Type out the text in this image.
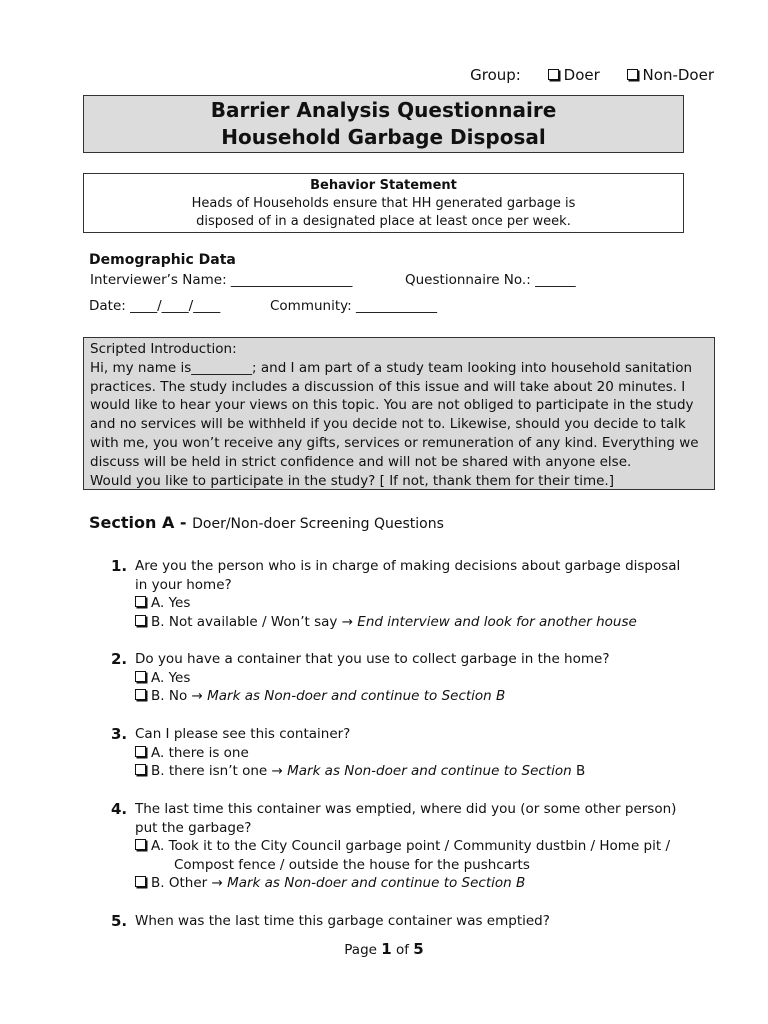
Group:	Doer	Non-Doer
Barrier Analysis Questionnaire
Household Garbage Disposal
Behavior Statement
Heads of Households ensure that HH generated garbage is
disposed of in a designated place at least once per week.
Demographic Data
Interviewer’s Name: __________________	Questionnaire No.: ______
Date: ____/____/____	Community: ____________
Scripted Introduction:
Hi, my name is_________; and I am part of a study team looking into household sanitation
practices. The study includes a discussion of this issue and will take about 20 minutes. I
would like to hear your views on this topic. You are not obliged to participate in the study
and no services will be withheld if you decide not to. Likewise, should you decide to talk
with me, you won’t receive any gifts, services or remuneration of any kind. Everything we
discuss will be held in strict confidence and will not be shared with anyone else.
Would you like to participate in the study? [ If not, thank them for their time.]
Section A - Doer/Non-doer Screening Questions
1. Are you the person who is in charge of making decisions about garbage disposal
in your home?
A. Yes
B. Not available / Won’t say → End interview and look for another house
2. Do you have a container that you use to collect garbage in the home?
A. Yes
B. No → Mark as Non-doer and continue to Section B
3. Can I please see this container?
A. there is one
B. there isn’t one → Mark as Non-doer and continue to Section B
4. The last time this container was emptied, where did you (or some other person)
put the garbage?
A. Took it to the City Council garbage point / Community dustbin / Home pit /
Compost fence / outside the house for the pushcarts
B. Other → Mark as Non-doer and continue to Section B
5. When was the last time this garbage container was emptied?
Page 1 of 5
